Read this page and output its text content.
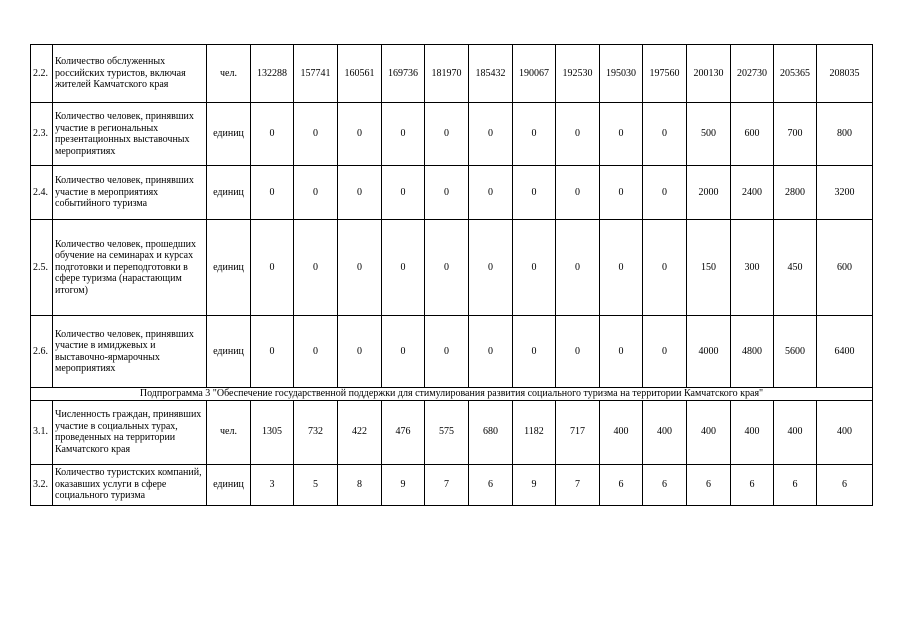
2.2.	Количество обслуженных российских туристов, включая жителей Камчатского края	чел.	132288	157741	160561	169736	181970	185432	190067	192530	195030	197560	200130	202730	205365	208035
2.3.	Количество человек, принявших участие в региональных презентационных выставочных мероприятиях	единиц	0	0	0	0	0	0	0	0	0	0	500	600	700	800
2.4.	Количество человек, принявших участие в мероприятиях событийного туризма	единиц	0	0	0	0	0	0	0	0	0	0	2000	2400	2800	3200
2.5.	Количество человек, прошедших обучение на семинарах и курсах подготовки и переподготовки в сфере туризма (нарастающим итогом)	единиц	0	0	0	0	0	0	0	0	0	0	150	300	450	600
2.6.	Количество человек, принявших участие в имиджевых и выставочно-ярмарочных мероприятиях	единиц	0	0	0	0	0	0	0	0	0	0	4000	4800	5600	6400
Подпрограмма 3 "Обеспечение государственной поддержки для стимулирования развития социального туризма на территории Камчатского края"																
3.1.	Численность граждан, принявших участие в социальных турах, проведенных на территории Камчатского края	чел.	1305	732	422	476	575	680	1182	717	400	400	400	400	400	400
3.2.	Количество туристских компаний, оказавших услуги в сфере социального туризма	единиц	3	5	8	9	7	6	9	7	6	6	6	6	6	6
